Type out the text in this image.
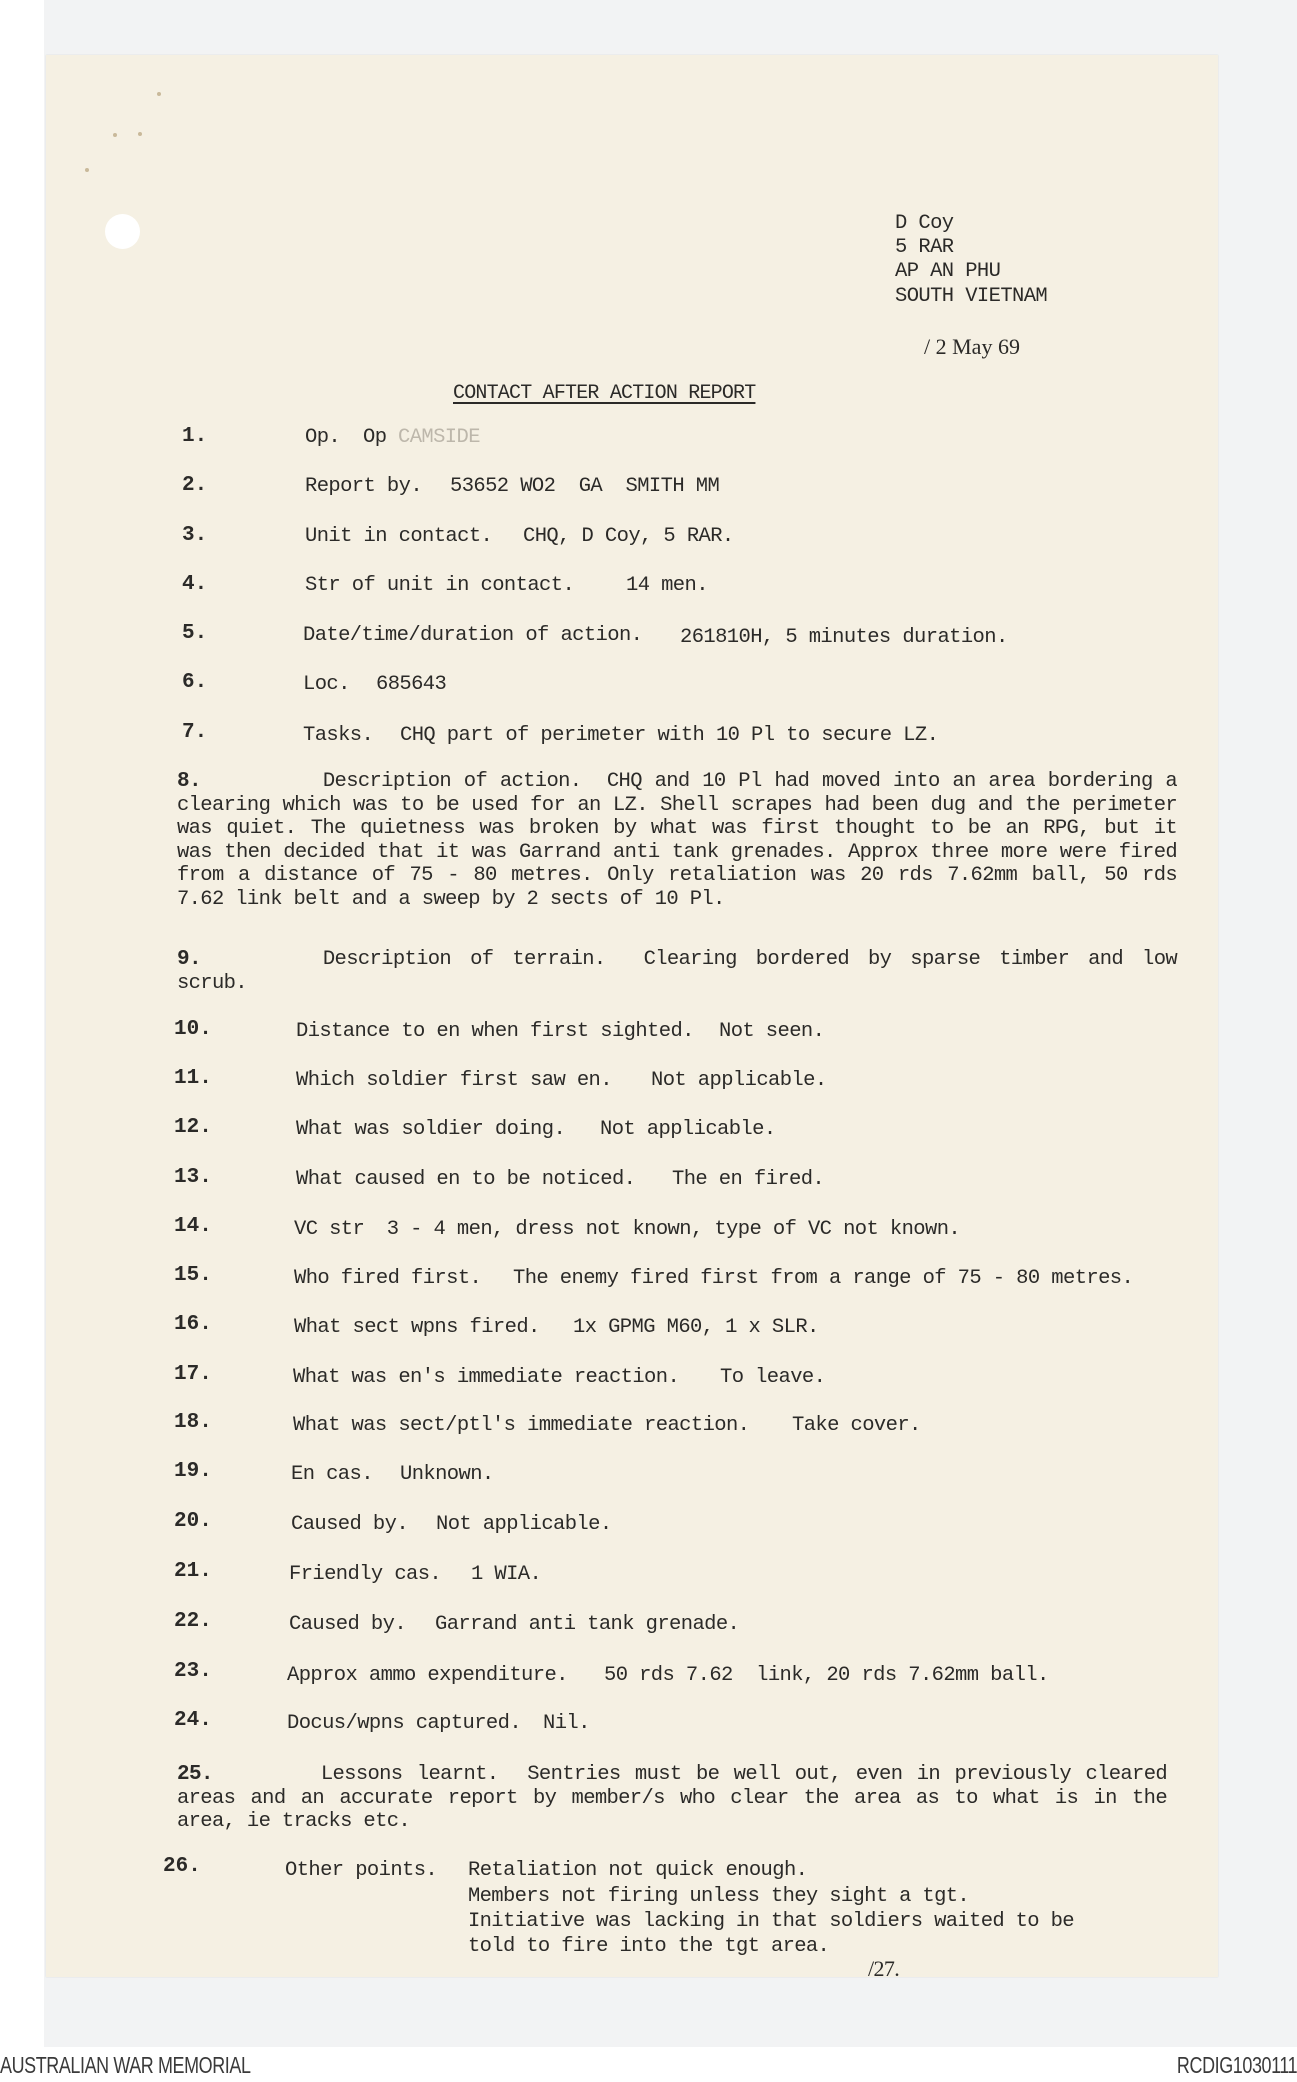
D Coy
5 RAR
AP AN PHU
SOUTH VIETNAM
/ 2 May 69
CONTACT AFTER ACTION REPORT
1.	Op. Op CAMSIDE
2.	Report by. 53652 WO2  GA  SMITH MM
3.	Unit in contact. CHQ, D Coy, 5 RAR.
4.	Str of unit in contact.	14 men.
5.	Date/time/duration of action. 261810H, 5 minutes duration.
6.	Loc. 685643
7.	Tasks. CHQ part of perimeter with 10 Pl to secure LZ.
8.	Description of action. CHQ and 10 Pl had moved into an area bordering a clearing which was to be used for an LZ. Shell scrapes had been dug and the perimeter was quiet. The quietness was broken by what was first thought to be an RPG, but it was then decided that it was Garrand anti tank grenades. Approx three more were fired from a distance of 75 - 80 metres. Only retaliation was 20 rds 7.62mm ball, 50 rds 7.62 link belt and a sweep by 2 sects of 10 Pl.
9.	Description of terrain. Clearing bordered by sparse timber and low scrub.
10.	Distance to en when first sighted. Not seen.
11.	Which soldier first saw en. Not applicable.
12.	What was soldier doing. Not applicable.
13.	What caused en to be noticed. The en fired.
14.	VC str 3 - 4 men, dress not known, type of VC not known.
15.	Who fired first. The enemy fired first from a range of 75 - 80 metres.
16.	What sect wpns fired. 1x GPMG M60, 1 x SLR.
17.	What was en's immediate reaction. To leave.
18.	What was sect/ptl's immediate reaction. Take cover.
19.	En cas. Unknown.
20.	Caused by. Not applicable.
21.	Friendly cas. 1 WIA.
22.	Caused by. Garrand anti tank grenade.
23.	Approx ammo expenditure. 50 rds 7.62  link, 20 rds 7.62mm ball.
24.	Docus/wpns captured. Nil.
25.	Lessons learnt. Sentries must be well out, even in previously cleared areas and an accurate report by member/s who clear the area as to what is in the area, ie tracks etc.
26.	Other points. Retaliation not quick enough.
Members not firing unless they sight a tgt.
Initiative was lacking in that soldiers waited to be
told to fire into the tgt area.
/27.
AUSTRALIAN WAR MEMORIAL	RCDIG1030111
